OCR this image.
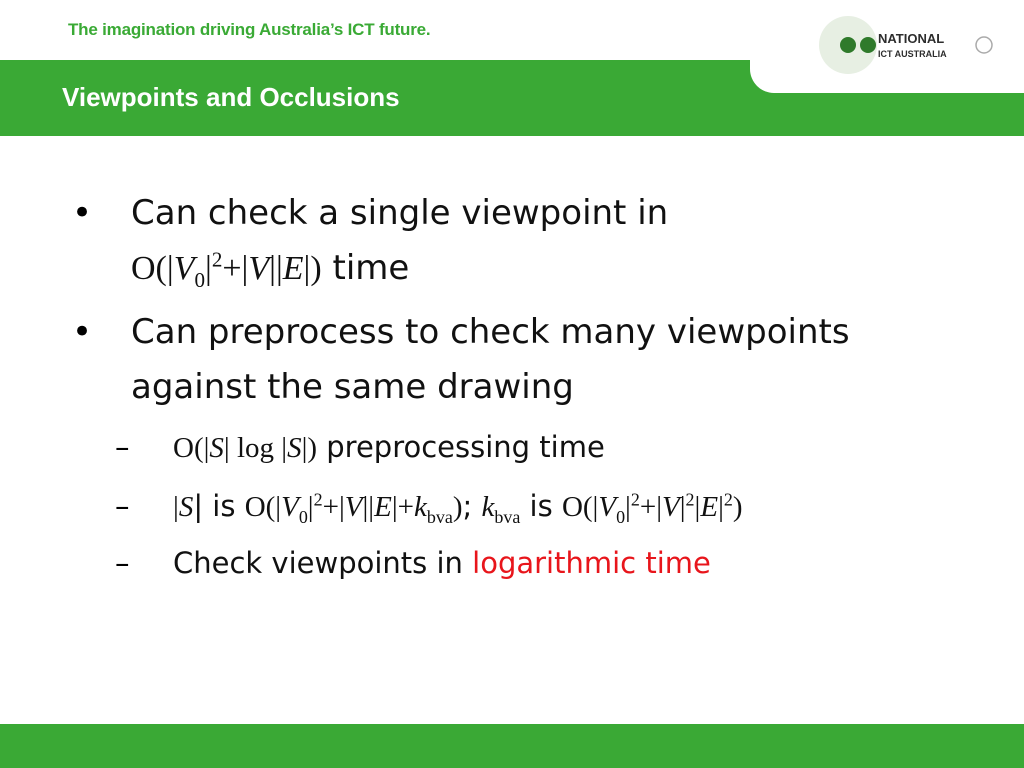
The imagination driving Australia’s ICT future.
Viewpoints and Occlusions
NATIONAL
ICT AUSTRALIA
• Can check a single viewpoint in
$O(|V_0|^2+|V||E|)$ time
• Can preprocess to check many viewpoints
against the same drawing
– O(|S| log |S|) preprocessing time
– |S| is $O(|V_0|^2+|V||E|+k_{bva})$; $k_{bva}$ is $O(|V_0|^2+|V|^2|E|^2)$
– Check viewpoints in logarithmic time
